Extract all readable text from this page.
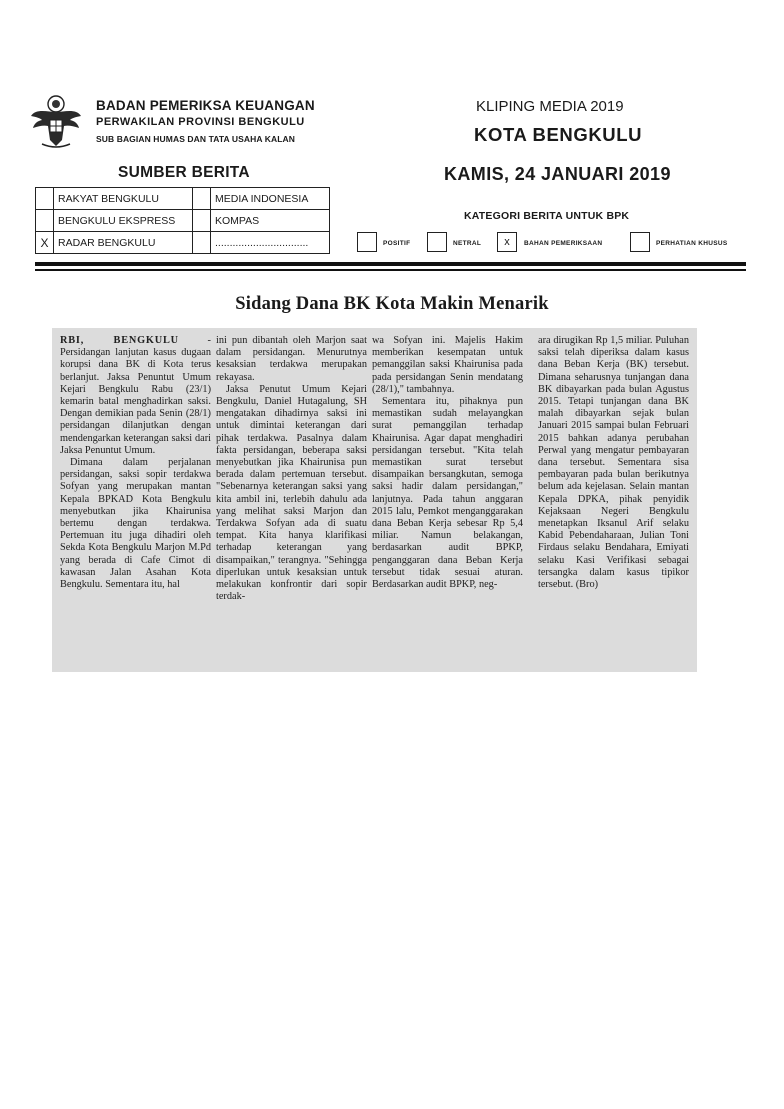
BADAN PEMERIKSA KEUANGAN
PERWAKILAN PROVINSI BENGKULU
SUB BAGIAN HUMAS DAN TATA USAHA KALAN
KLIPING MEDIA 2019
KOTA BENGKULU
KAMIS, 24 JANUARI 2019
SUMBER BERITA
	RAKYAT BENGKULU		MEDIA INDONESIA
	BENGKULU EKSPRESS		KOMPAS
X	RADAR BENGKULU		................................
KATEGORI BERITA UNTUK BPK
POSITIF	NETRAL	x	BAHAN PEMERIKSAAN	PERHATIAN KHUSUS
Sidang Dana BK Kota Makin Menarik

RBI, BENGKULU - Persidangan lanjutan kasus dugaan korupsi dana BK di Kota terus berlanjut. Jaksa Penuntut Umum Kejari Bengkulu Rabu (23/1) kemarin batal menghadirkan saksi. Dengan demikian pada Senin (28/1) persidangan dilanjutkan dengan mendengarkan keterangan saksi dari Jaksa Penuntut Umum.

Dimana dalam perjalanan persidangan, saksi sopir terdakwa Sofyan yang merupakan mantan Kepala BPKAD Kota Bengkulu menyebutkan jika Khairunisa bertemu dengan terdakwa. Pertemuan itu juga dihadiri oleh Sekda Kota Bengkulu Marjon M.Pd yang berada di Cafe Cimot di kawasan Jalan Asahan Kota Bengkulu. Sementara itu, hal

ini pun dibantah oleh Marjon saat dalam persidangan. Menurutnya kesaksian terdakwa merupakan rekayasa.

Jaksa Penutut Umum Kejari Bengkulu, Daniel Hutagalung, SH mengatakan dihadirnya saksi ini untuk dimintai keterangan dari pihak terdakwa. Pasalnya dalam fakta persidangan, beberapa saksi menyebutkan jika Khairunisa pun berada dalam pertemuan tersebut. "Sebenarnya keterangan saksi yang kita ambil ini, terlebih dahulu ada yang melihat saksi Marjon dan Terdakwa Sofyan ada di suatu tempat. Kita hanya klarifikasi terhadap keterangan yang disampaikan," terangnya. "Sehingga diperlukan untuk kesaksian untuk melakukan konfrontir dari sopir terdak-

wa Sofyan ini. Majelis Hakim memberikan kesempatan untuk pemanggilan saksi Khairunisa pada pada persidangan Senin mendatang (28/1)," tambahnya.

Sementara itu, pihaknya pun memastikan sudah melayangkan surat pemanggilan terhadap Khairunisa. Agar dapat menghadiri persidangan tersebut. "Kita telah memastikan surat tersebut disampaikan bersangkutan, semoga saksi hadir dalam persidangan," lanjutnya. Pada tahun anggaran 2015 lalu, Pemkot menganggarakan dana Beban Kerja sebesar Rp 5,4 miliar. Namun belakangan, berdasarkan audit BPKP, penganggaran dana Beban Kerja tersebut tidak sesuai aturan. Berdasarkan audit BPKP, neg-

ara dirugikan Rp 1,5 miliar. Puluhan saksi telah diperiksa dalam kasus dana Beban Kerja (BK) tersebut. Dimana seharusnya tunjangan dana BK dibayarkan pada bulan Agustus 2015. Tetapi tunjangan dana BK malah dibayarkan sejak bulan Januari 2015 sampai bulan Februari 2015 bahkan adanya perubahan Perwal yang mengatur pembayaran dana tersebut. Sementara sisa pembayaran pada bulan berikutnya belum ada kejelasan. Selain mantan Kepala DPKA, pihak penyidik Kejaksaan Negeri Bengkulu menetapkan Iksanul Arif selaku Kabid Pebendaharaan, Julian Toni Firdaus selaku Bendahara, Emiyati selaku Kasi Verifikasi sebagai tersangka dalam kasus tipikor tersebut. (Bro)
